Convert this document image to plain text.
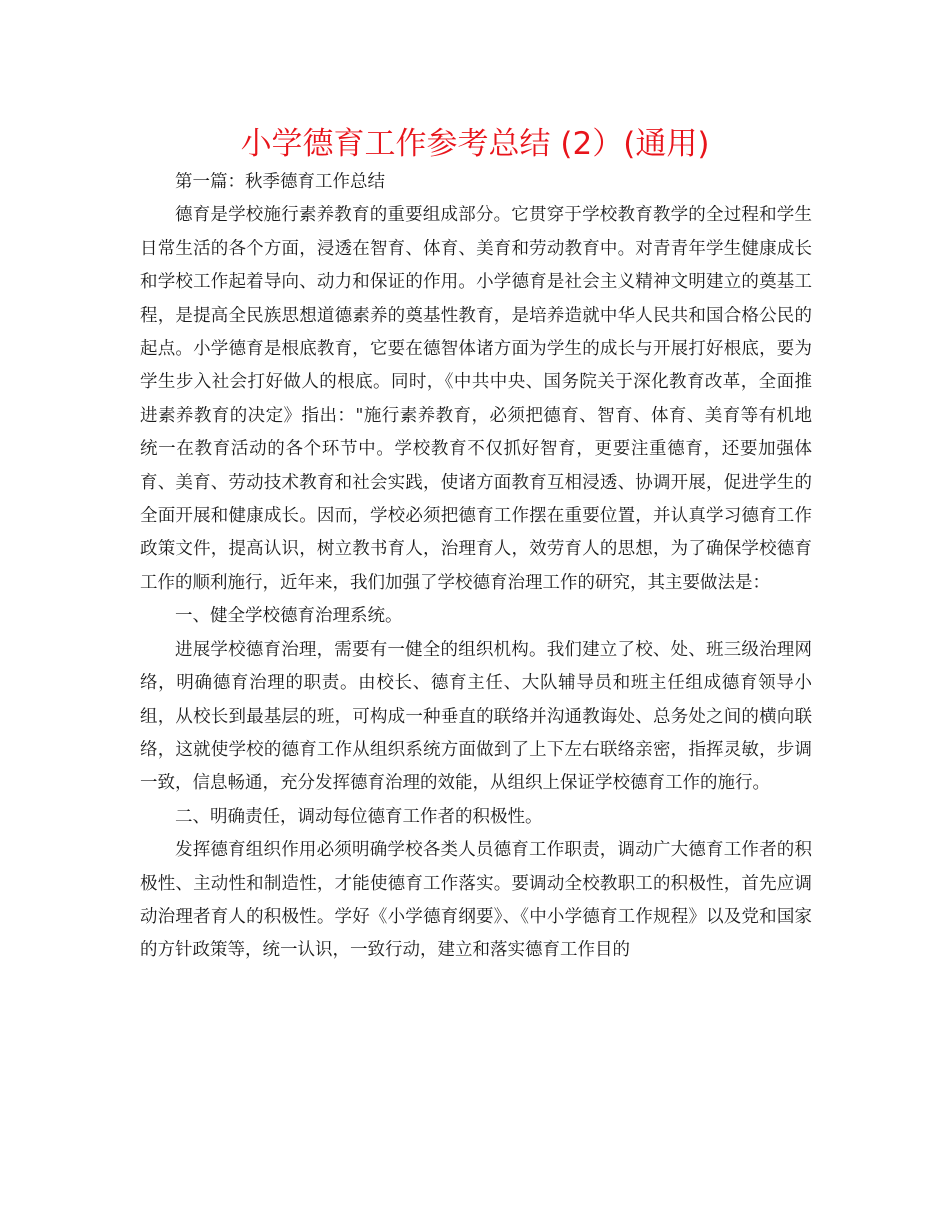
小学德育工作参考总结 (2）(通用)

第一篇：秋季德育工作总结

德育是学校施行素养教育的重要组成部分。它贯穿于学校教育教学的全过程和学生日常生活的各个方面，浸透在智育、体育、美育和劳动教育中。对青青年学生健康成长和学校工作起着导向、动力和保证的作用。小学德育是社会主义精神文明建立的奠基工程，是提高全民族思想道德素养的奠基性教育，是培养造就中华人民共和国合格公民的起点。小学德育是根底教育，它要在德智体诸方面为学生的成长与开展打好根底，要为学生步入社会打好做人的根底。同时，《中共中央、国务院关于深化教育改革，全面推进素养教育的决定》指出："施行素养教育，必须把德育、智育、体育、美育等有机地统一在教育活动的各个环节中。学校教育不仅抓好智育，更要注重德育，还要加强体育、美育、劳动技术教育和社会实践，使诸方面教育互相浸透、协调开展，促进学生的全面开展和健康成长。因而，学校必须把德育工作摆在重要位置，并认真学习德育工作政策文件，提高认识，树立教书育人，治理育人，效劳育人的思想，为了确保学校德育工作的顺利施行，近年来，我们加强了学校德育治理工作的研究，其主要做法是：

一、健全学校德育治理系统。

进展学校德育治理，需要有一健全的组织机构。我们建立了校、处、班三级治理网络，明确德育治理的职责。由校长、德育主任、大队辅导员和班主任组成德育领导小组，从校长到最基层的班，可构成一种垂直的联络并沟通教诲处、总务处之间的横向联络，这就使学校的德育工作从组织系统方面做到了上下左右联络亲密，指挥灵敏，步调一致，信息畅通，充分发挥德育治理的效能，从组织上保证学校德育工作的施行。

二、明确责任，调动每位德育工作者的积极性。

发挥德育组织作用必须明确学校各类人员德育工作职责，调动广大德育工作者的积极性、主动性和制造性，才能使德育工作落实。要调动全校教职工的积极性，首先应调动治理者育人的积极性。学好《小学德育纲要》、《中小学德育工作规程》以及党和国家的方针政策等，统一认识，一致行动，建立和落实德育工作目的
